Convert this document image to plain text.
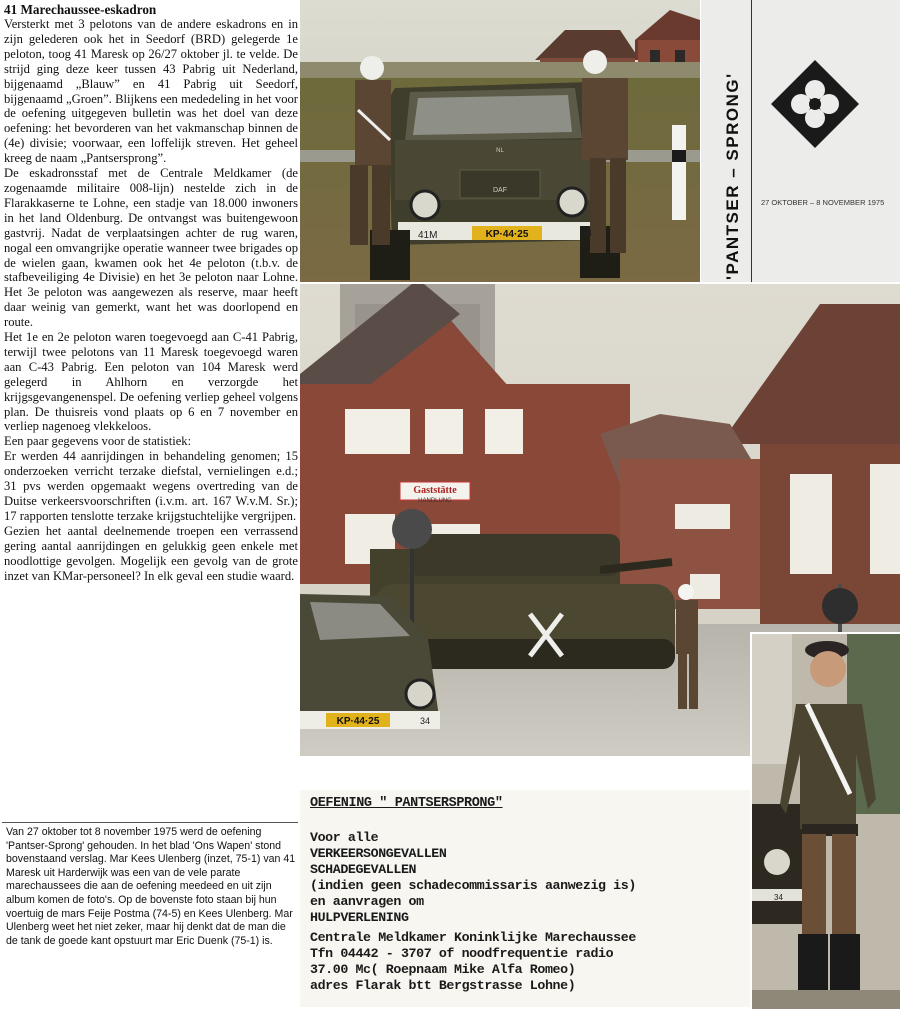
41 Marechaussee-eskadron

Versterkt met 3 pelotons van de andere eskadrons en in zijn gelederen ook het in Seedorf (BRD) gelegerde 1e peloton, toog 41 Maresk op 26/27 oktober jl. te velde. De strijd ging deze keer tussen 43 Pabrig uit Nederland, bijgenaamd „Blauw” en 41 Pabrig uit Seedorf, bijgenaamd „Groen”. Blijkens een mededeling in het voor de oefening uitgegeven bulletin was het doel van deze oefening: het bevorderen van het vakmanschap binnen de (4e) divisie; voorwaar, een loffelijk streven. Het geheel kreeg de naam „Pantsersprong”.

De eskadronsstaf met de Centrale Meldkamer (de zogenaamde militaire 008-lijn) nestelde zich in de Flarakkaserne te Lohne, een stadje van 18.000 inwoners in het land Oldenburg. De ontvangst was buitengewoon gastvrij. Nadat de verplaatsingen achter de rug waren, nogal een omvangrijke operatie wanneer twee brigades op de wielen gaan, kwamen ook het 4e peloton (t.b.v. de stafbeveiliging 4e Divisie) en het 3e peloton naar Lohne. Het 3e peloton was aangewezen als reserve, maar heeft daar weinig van gemerkt, want het was doorlopend en route.

Het 1e en 2e peloton waren toegevoegd aan C-41 Pabrig, terwijl twee pelotons van 11 Maresk toegevoegd waren aan C-43 Pabrig. Een peloton van 104 Maresk werd gelegerd in Ahlhorn en verzorgde het krijgsgevangenenspel. De oefening verliep geheel volgens plan. De thuisreis vond plaats op 6 en 7 november en verliep nagenoeg vlekkeloos.

Een paar gegevens voor de statistiek:

Er werden 44 aanrijdingen in behandeling genomen; 15 onderzoeken verricht terzake diefstal, vernielingen e.d.; 31 pvs werden opgemaakt wegens overtreding van de Duitse verkeersvoorschriften (i.v.m. art. 167 W.v.M. Sr.); 17 rapporten tenslotte terzake krijgstuchtelijke vergrijpen.

Gezien het aantal deelnemende troepen een verrassend gering aantal aanrijdingen en gelukkig geen enkele met noodlottige gevolgen. Mogelijk een gevolg van de grote inzet van KMar-personeel? In elk geval een studie waard.

Van 27 oktober tot 8 november 1975 werd de oefening 'Pantser-Sprong' gehouden. In het blad 'Ons Wapen' stond bovenstaand verslag. Mar Kees Ulenberg (inzet, 75-1) van 41 Maresk uit Harderwijk was een van de vele parate marechaussees die aan de oefening meedeed en uit zijn album komen de foto's. Op de bovenste foto staan bij hun voertuig de mars Feije Postma (74-5) en Kees Ulenberg. Mar Ulenberg weet het niet zeker, maar hij denkt dat de man die de tank de goede kant opstuurt mar Eric Duenk (75-1) is.
DAF
NL
41M	KP·44·25	34	'PANTSER – SPRONG'	27 OKTOBER – 8 NOVEMBER 1975
Gaststätte
HANDLUNG
KP·44·25	34
34
OEFENING " PANTSERSPRONG"
Voor alle
VERKEERSONGEVALLEN
SCHADEGEVALLEN
(indien geen schadecommissaris aanwezig is)
en aanvragen om
HULPVERLENING
Centrale Meldkamer Koninklijke Marechaussee
Tfn 04442 - 3707 of noodfrequentie radio
37.00 Mc( Roepnaam Mike Alfa Romeo)
adres Flarak btt Bergstrasse Lohne)
